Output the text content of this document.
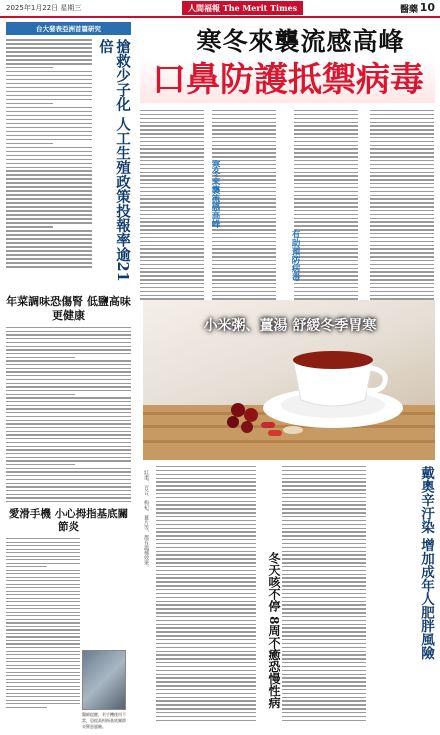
2025年1月22日 星期三	人間福報 The Merit Times	醫藥 10
台大發表亞洲首篇研究
搶救少子化 人工生殖政策投報率逾21倍
年菜調味恐傷腎 低鹽高味更健康
愛滑手機 小心拇指基底關節炎
醫師提醒，若手機使用不當，恐提高拇指基底關節炎罹患風險。
寒冬來襲流感高峰
口鼻防護抵禦病毒
寒冬來襲流感高峰
有助預防病毒
小米粥、薑湯 舒緩冬季胃寒
紅棗、百合、枸杞、薑片等，都有溫補效果。
冬天咳不停 8周不癒恐慢性病	戴奧辛汙染 增加成年人肥胖風險
